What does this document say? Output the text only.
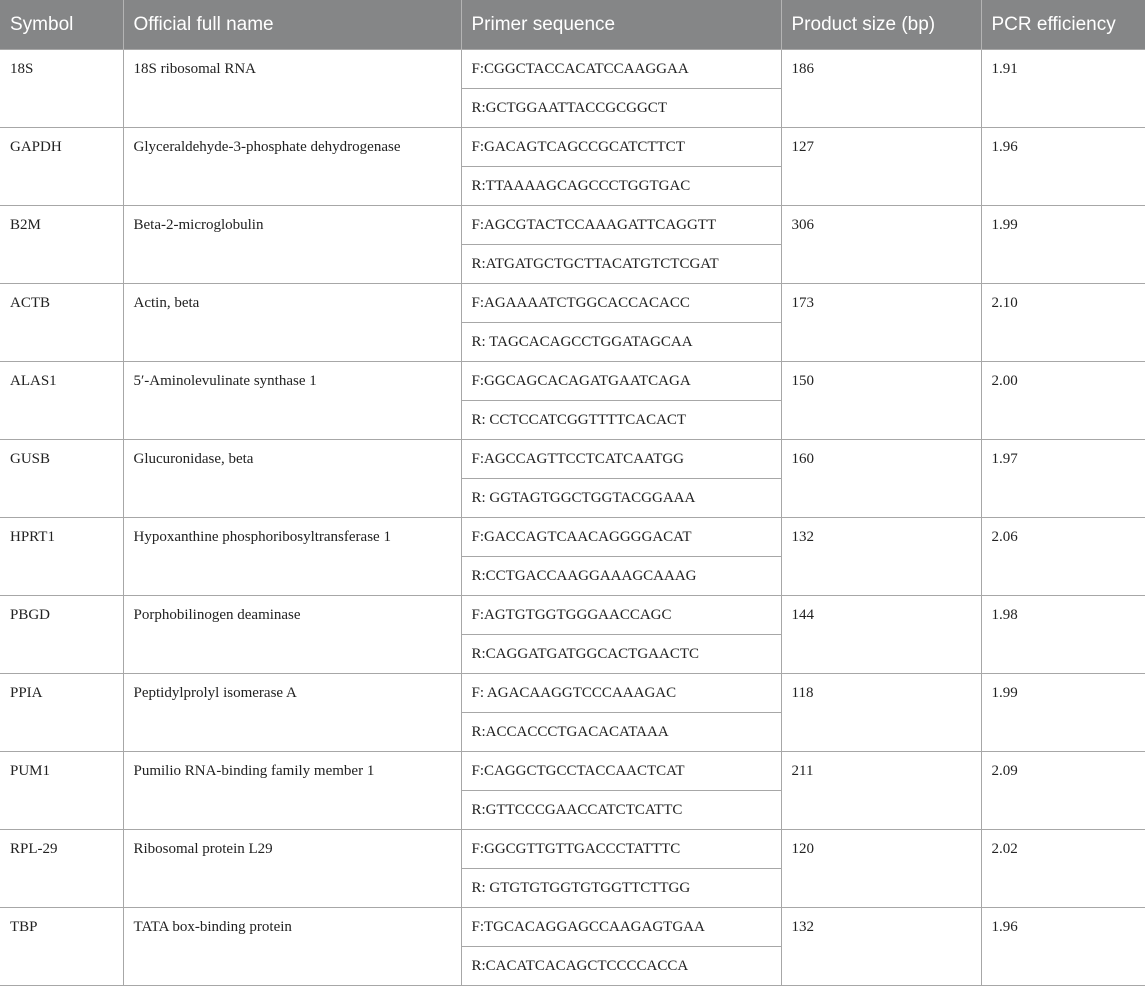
Symbol	Official full name	Primer sequence	Product size (bp)	PCR efficiency
18S	18S ribosomal RNA	F:CGGCTACCACATCCAAGGAA	186	1.91
		R:GCTGGAATTACCGCGGCT		
GAPDH	Glyceraldehyde-3-phosphate dehydrogenase	F:GACAGTCAGCCGCATCTTCT	127	1.96
		R:TTAAAAGCAGCCCTGGTGAC		
B2M	Beta-2-microglobulin	F:AGCGTACTCCAAAGATTCAGGTT	306	1.99
		R:ATGATGCTGCTTACATGTCTCGAT		
ACTB	Actin, beta	F:AGAAAATCTGGCACCACACC	173	2.10
		R: TAGCACAGCCTGGATAGCAA		
ALAS1	5′-Aminolevulinate synthase 1	F:GGCAGCACAGATGAATCAGA	150	2.00
		R: CCTCCATCGGTTTTCACACT		
GUSB	Glucuronidase, beta	F:AGCCAGTTCCTCATCAATGG	160	1.97
		R: GGTAGTGGCTGGTACGGAAA		
HPRT1	Hypoxanthine phosphoribosyltransferase 1	F:GACCAGTCAACAGGGGACAT	132	2.06
		R:CCTGACCAAGGAAAGCAAAG		
PBGD	Porphobilinogen deaminase	F:AGTGTGGTGGGAACCAGC	144	1.98
		R:CAGGATGATGGCACTGAACTC		
PPIA	Peptidylprolyl isomerase A	F: AGACAAGGTCCCAAAGAC	118	1.99
		R:ACCACCCTGACACATAAA		
PUM1	Pumilio RNA-binding family member 1	F:CAGGCTGCCTACCAACTCAT	211	2.09
		R:GTTCCCGAACCATCTCATTC		
RPL-29	Ribosomal protein L29	F:GGCGTTGTTGACCCTATTTC	120	2.02
		R: GTGTGTGGTGTGGTTCTTGG		
TBP	TATA box-binding protein	F:TGCACAGGAGCCAAGAGTGAA	132	1.96
		R:CACATCACAGCTCCCCACCA		
